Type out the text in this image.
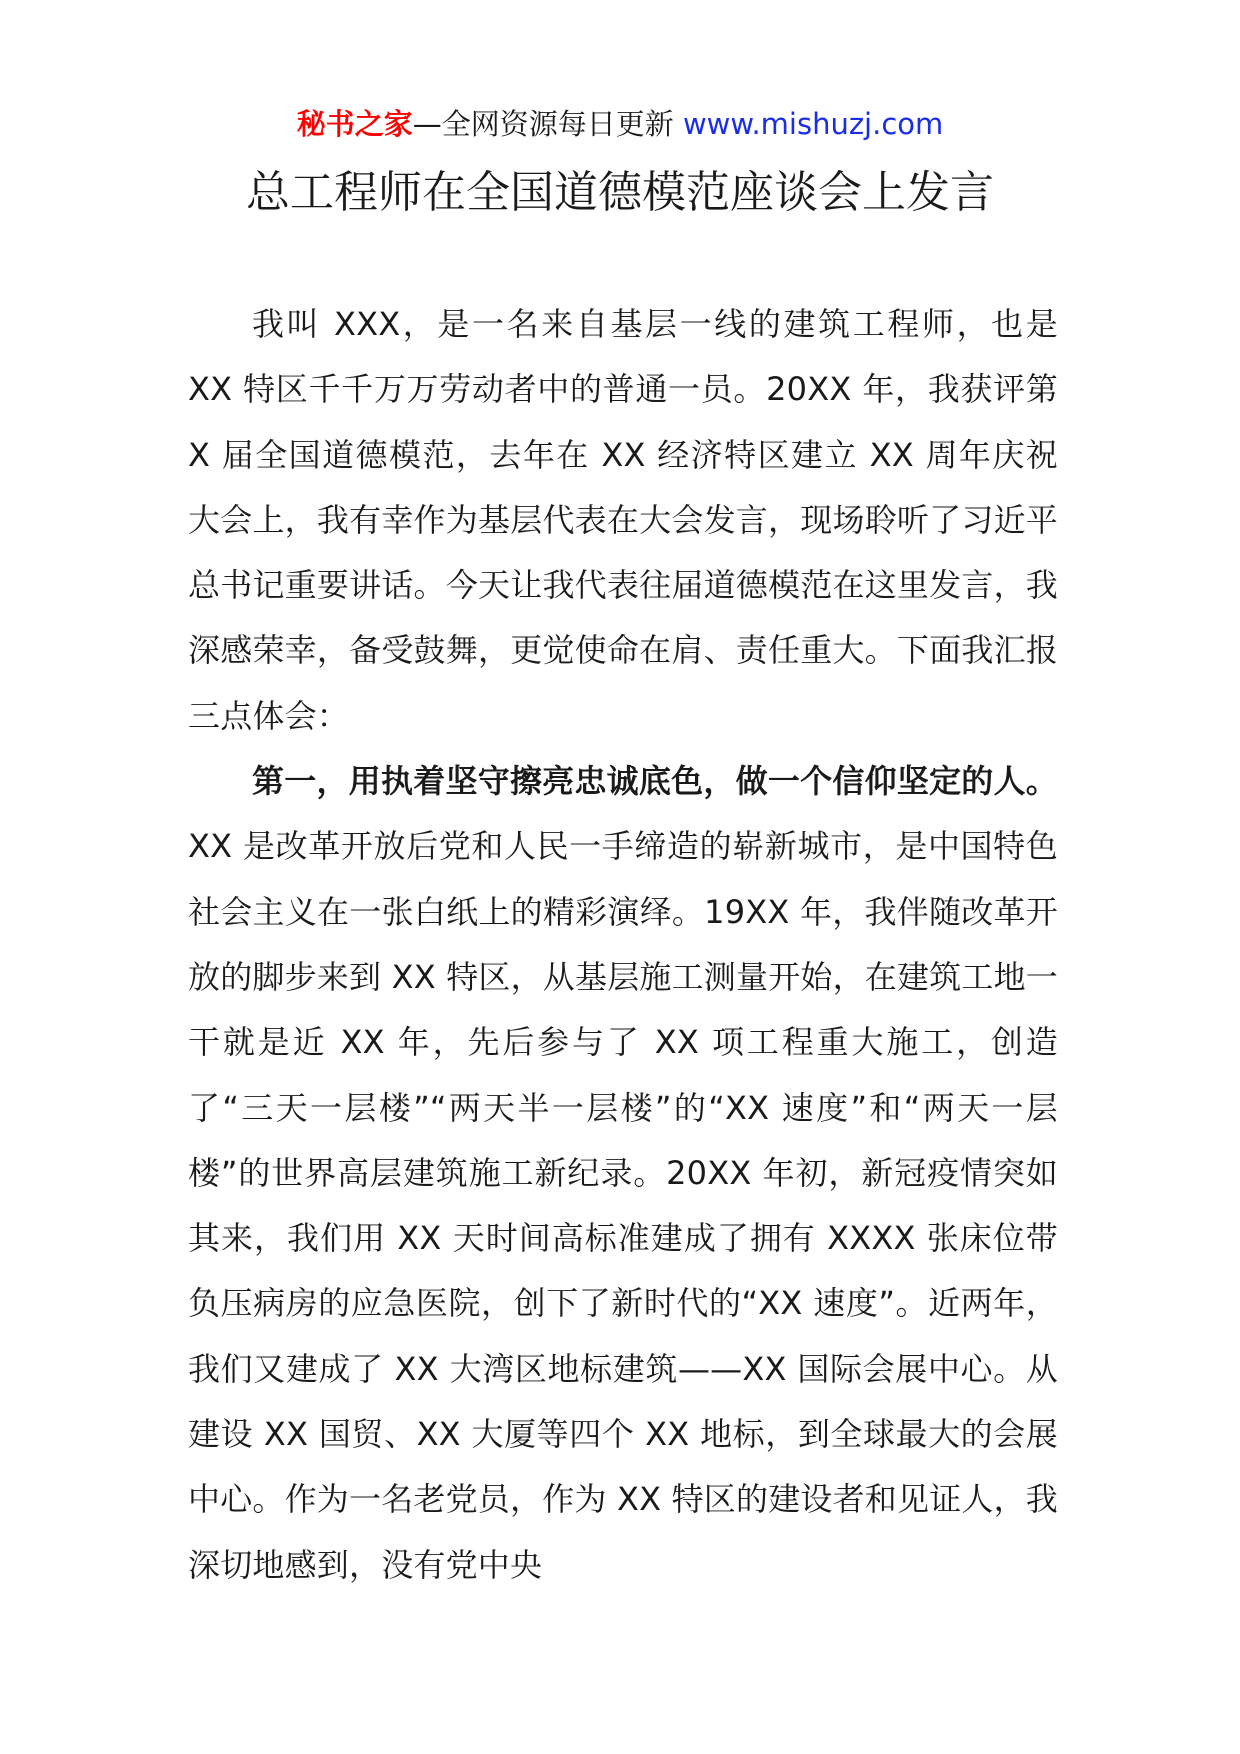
秘书之家—全网资源每日更新 www.mishuzj.com
总工程师在全国道德模范座谈会上发言

我叫 XXX，是一名来自基层一线的建筑工程师，也是 XX 特区千千万万劳动者中的普通一员。20XX 年，我获评第 X 届全国道德模范，去年在 XX 经济特区建立 XX 周年庆祝大会上，我有幸作为基层代表在大会发言，现场聆听了习近平总书记重要讲话。今天让我代表往届道德模范在这里发言，我深感荣幸，备受鼓舞，更觉使命在肩、责任重大。下面我汇报三点体会：

第一，用执着坚守擦亮忠诚底色，做一个信仰坚定的人。XX 是改革开放后党和人民一手缔造的崭新城市，是中国特色社会主义在一张白纸上的精彩演绎。19XX 年，我伴随改革开放的脚步来到 XX 特区，从基层施工测量开始，在建筑工地一干就是近 XX 年，先后参与了 XX 项工程重大施工，创造了“三天一层楼”“两天半一层楼”的“XX 速度”和“两天一层楼”的世界高层建筑施工新纪录。20XX 年初，新冠疫情突如其来，我们用 XX 天时间高标准建成了拥有 XXXX 张床位带负压病房的应急医院，创下了新时代的“XX 速度”。近两年，我们又建成了 XX 大湾区地标建筑——XX 国际会展中心。从建设 XX 国贸、XX 大厦等四个 XX 地标，到全球最大的会展中心。作为一名老党员，作为 XX 特区的建设者和见证人，我深切地感到，没有党中央
